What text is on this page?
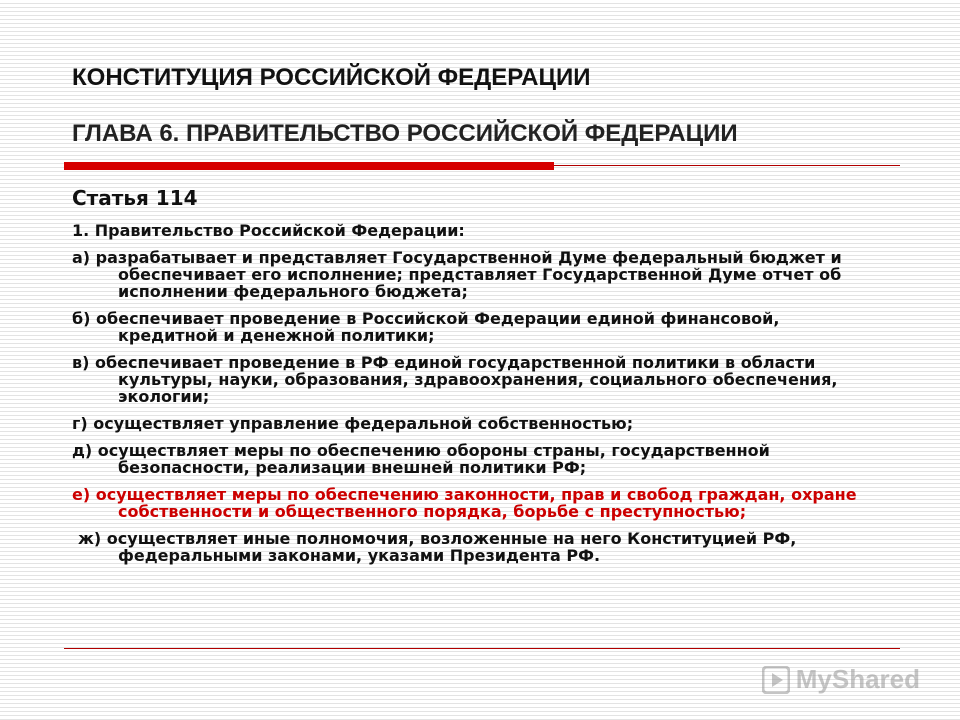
КОНСТИТУЦИЯ РОССИЙСКОЙ ФЕДЕРАЦИИ
ГЛАВА 6. ПРАВИТЕЛЬСТВО РОССИЙСКОЙ ФЕДЕРАЦИИ
Статья 114

1. Правительство Российской Федерации:

а) разрабатывает и представляет Государственной Думе федеральный бюджет и обеспечивает его исполнение; представляет Государственной Думе отчет об исполнении федерального бюджета;

б) обеспечивает проведение в Российской Федерации единой финансовой, кредитной и денежной политики;

в) обеспечивает проведение в РФ единой государственной политики в области культуры, науки, образования, здравоохранения, социального обеспечения, экологии;

г) осуществляет управление федеральной собственностью;

д) осуществляет меры по обеспечению обороны страны, государственной безопасности, реализации внешней политики РФ;

е) осуществляет меры по обеспечению законности, прав и свобод граждан, охране собственности и общественного порядка, борьбе с преступностью;

ж) осуществляет иные полномочия, возложенные на него Конституцией РФ, федеральными законами, указами Президента РФ.

MyShared
